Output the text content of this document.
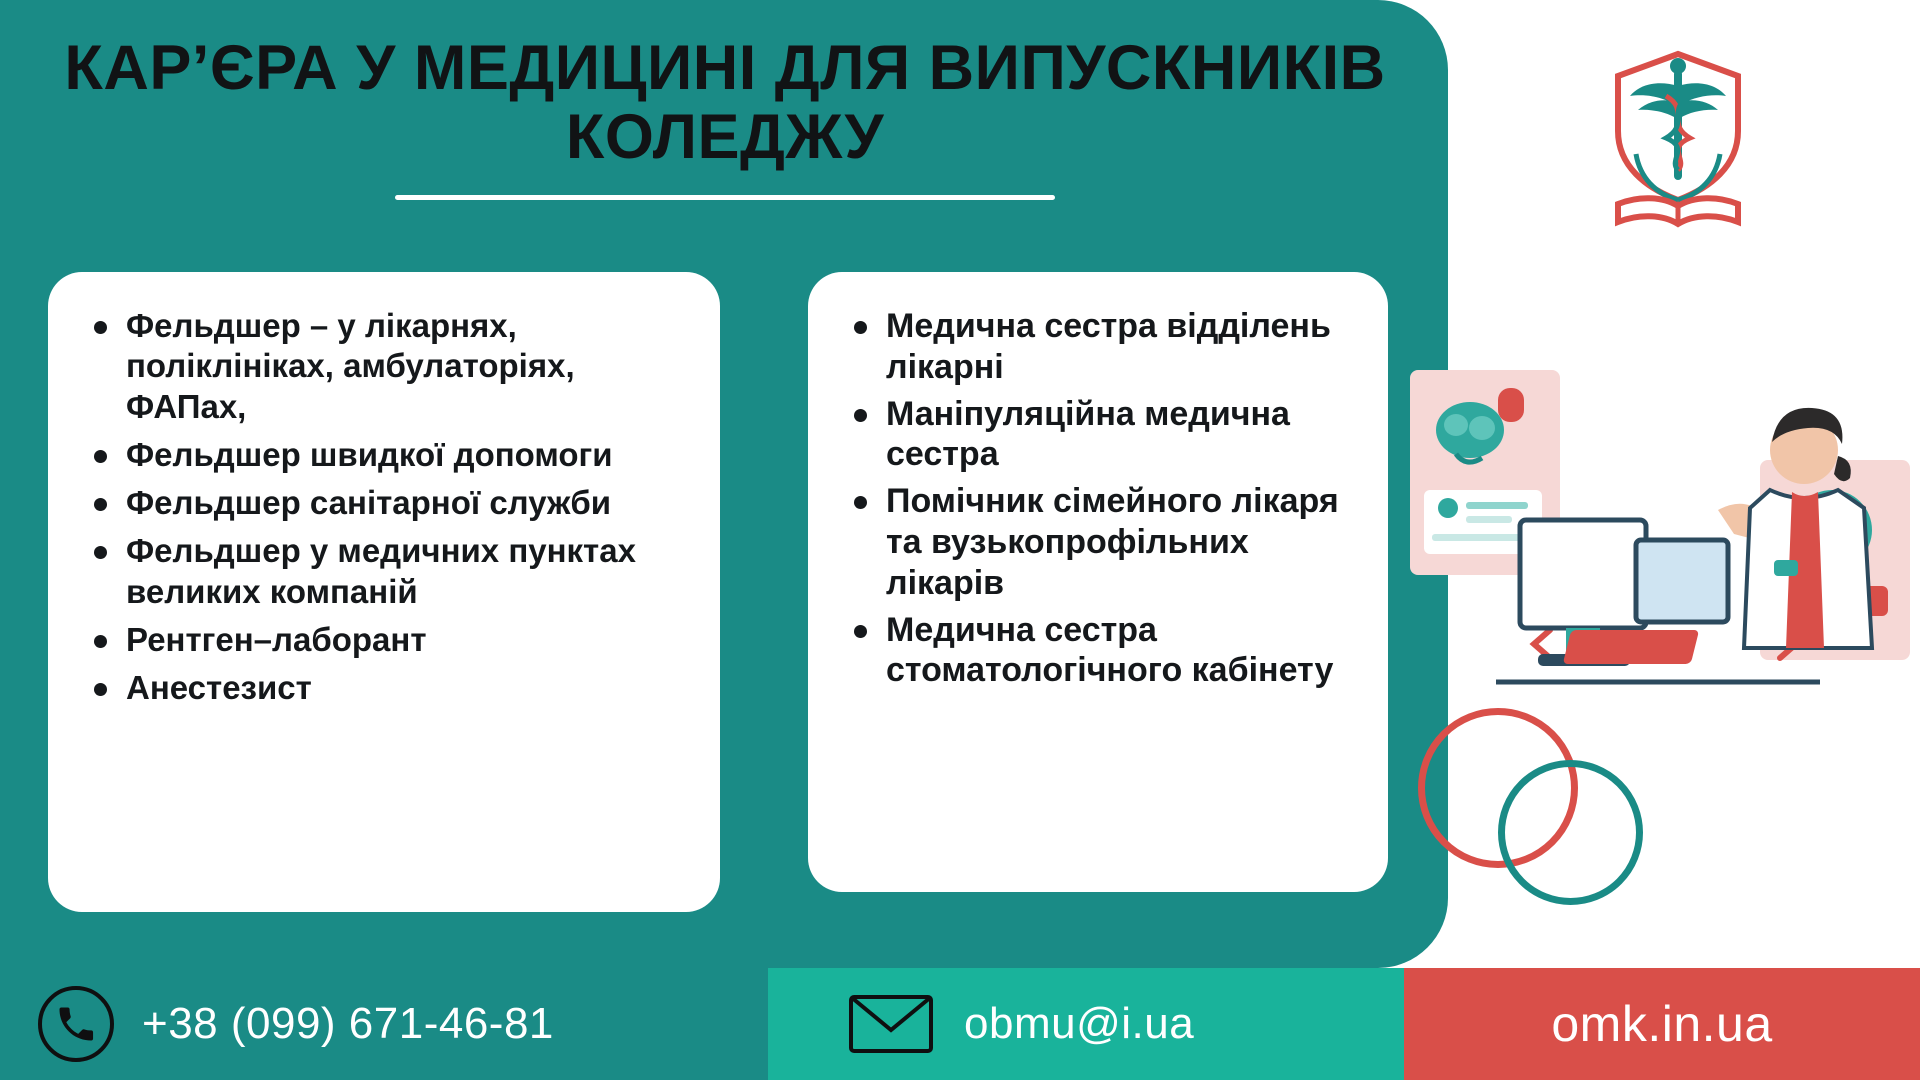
КАР’ЄРА У МЕДИЦИНІ ДЛЯ ВИПУСКНИКІВ КОЛЕДЖУ
Фельдшер – у лікарнях, поліклініках, амбулаторіях, ФАПах,
Фельдшер швидкої допомоги
Фельдшер санітарної служби
Фельдшер у медичних пунктах великих компаній
Рентген–лаборант
Анестезист
Медична сестра відділень лікарні
Маніпуляційна медична сестра
Помічник сімейного лікаря та вузькопрофільних лікарів
Медична сестра стоматологічного кабінету
+38 (099) 671-46-81	obmu@i.ua	omk.in.ua
